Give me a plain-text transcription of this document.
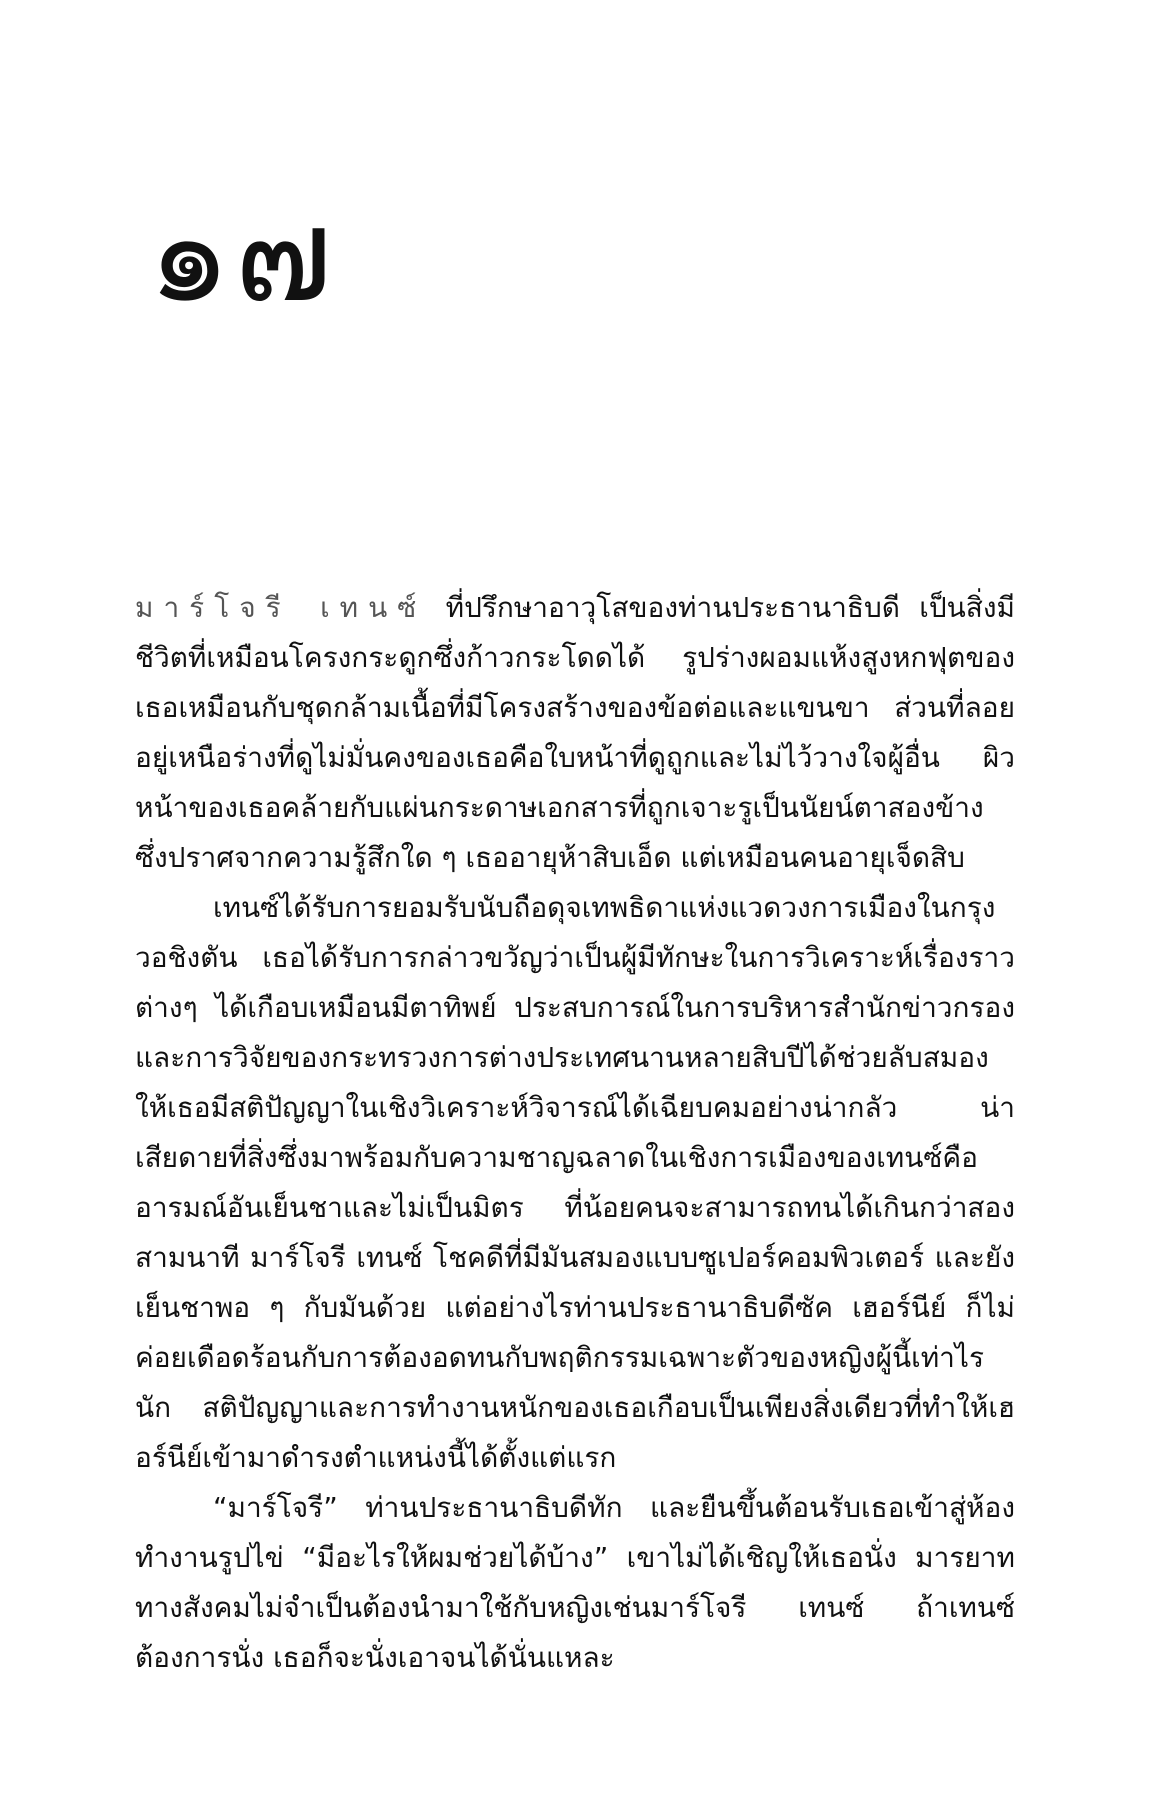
๑๗

มาร์โจรี เทนซ์ ที่ปรึกษาอาวุโสของท่านประธานาธิบดี เป็นสิ่งมีชีวิตที่เหมือนโครงกระดูกซึ่งก้าวกระโดดได้ รูปร่างผอมแห้งสูงหกฟุตของเธอเหมือนกับชุดกล้ามเนื้อที่มีโครงสร้างของข้อต่อและแขนขา ส่วนที่ลอยอยู่เหนือร่างที่ดูไม่มั่นคงของเธอคือใบหน้าที่ดูถูกและไม่ไว้วางใจผู้อื่น ผิวหน้าของเธอคล้ายกับแผ่นกระดาษเอกสารที่ถูกเจาะรูเป็นนัยน์ตาสองข้างซึ่งปราศจากความรู้สึกใด ๆ เธออายุห้าสิบเอ็ด แต่เหมือนคนอายุเจ็ดสิบ

เทนซ์ได้รับการยอมรับนับถือดุจเทพธิดาแห่งแวดวงการเมืองในกรุงวอชิงตัน เธอได้รับการกล่าวขวัญว่าเป็นผู้มีทักษะในการวิเคราะห์เรื่องราวต่างๆ ได้เกือบเหมือนมีตาทิพย์ ประสบการณ์ในการบริหารสำนักข่าวกรองและการวิจัยของกระทรวงการต่างประเทศนานหลายสิบปีได้ช่วยลับสมองให้เธอมีสติปัญญาในเชิงวิเคราะห์วิจารณ์ได้เฉียบคมอย่างน่ากลัว น่าเสียดายที่สิ่งซึ่งมาพร้อมกับความชาญฉลาดในเชิงการเมืองของเทนซ์คืออารมณ์อันเย็นชาและไม่เป็นมิตร ที่น้อยคนจะสามารถทนได้เกินกว่าสองสามนาที มาร์โจรี เทนซ์ โชคดีที่มีมันสมองแบบซูเปอร์คอมพิวเตอร์ และยังเย็นชาพอ ๆ กับมันด้วย แต่อย่างไรท่านประธานาธิบดีซัค เฮอร์นีย์ ก็ไม่ค่อยเดือดร้อนกับการต้องอดทนกับพฤติกรรมเฉพาะตัวของหญิงผู้นี้เท่าไรนัก สติปัญญาและการทำงานหนักของเธอเกือบเป็นเพียงสิ่งเดียวที่ทำให้เฮอร์นีย์เข้ามาดำรงตำแหน่งนี้ได้ตั้งแต่แรก

“มาร์โจรี” ท่านประธานาธิบดีทัก และยืนขึ้นต้อนรับเธอเข้าสู่ห้องทำงานรูปไข่ “มีอะไรให้ผมช่วยได้บ้าง” เขาไม่ได้เชิญให้เธอนั่ง มารยาททางสังคมไม่จำเป็นต้องนำมาใช้กับหญิงเช่นมาร์โจรี เทนซ์ ถ้าเทนซ์ต้องการนั่ง เธอก็จะนั่งเอาจนได้นั่นแหละ
